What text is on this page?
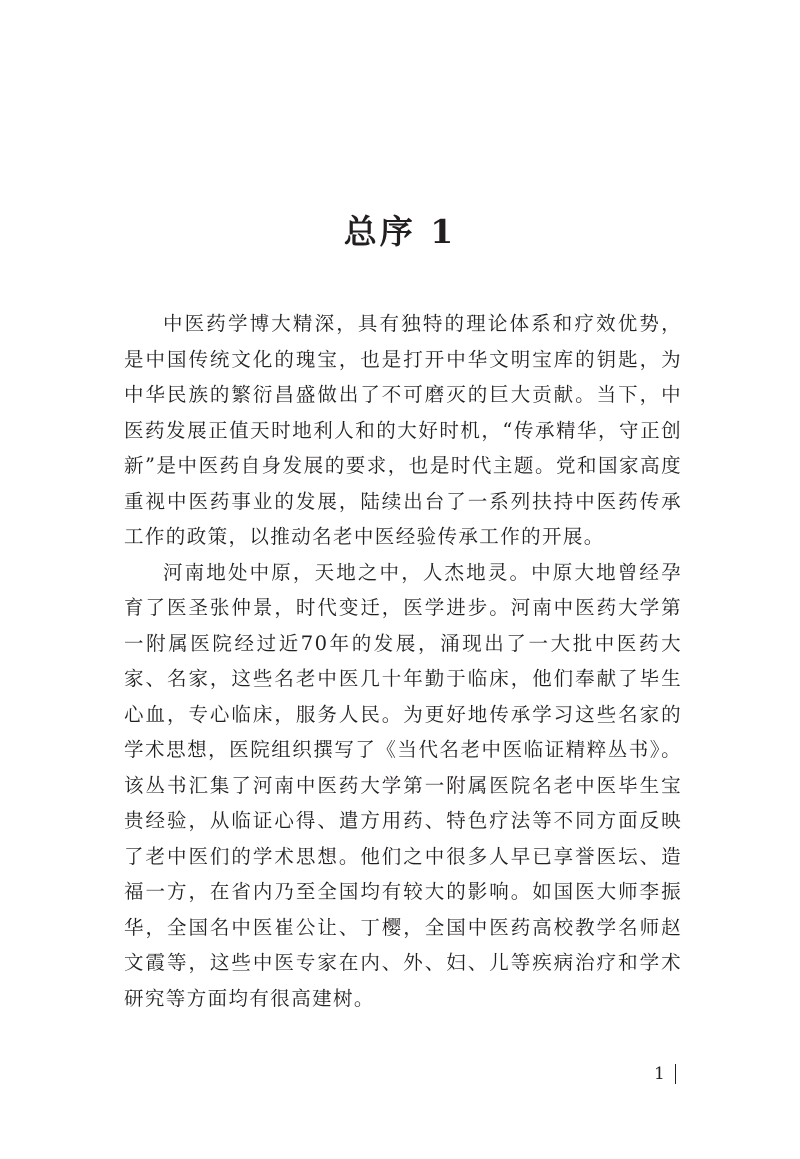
总序 1

中医药学博大精深，具有独特的理论体系和疗效优势，是中国传统文化的瑰宝，也是打开中华文明宝库的钥匙，为中华民族的繁衍昌盛做出了不可磨灭的巨大贡献。当下，中医药发展正值天时地利人和的大好时机，“传承精华，守正创新”是中医药自身发展的要求，也是时代主题。党和国家高度重视中医药事业的发展，陆续出台了一系列扶持中医药传承工作的政策，以推动名老中医经验传承工作的开展。

河南地处中原，天地之中，人杰地灵。中原大地曾经孕育了医圣张仲景，时代变迁，医学进步。河南中医药大学第一附属医院经过近70年的发展，涌现出了一大批中医药大家、名家，这些名老中医几十年勤于临床，他们奉献了毕生心血，专心临床，服务人民。为更好地传承学习这些名家的学术思想，医院组织撰写了《当代名老中医临证精粹丛书》。该丛书汇集了河南中医药大学第一附属医院名老中医毕生宝贵经验，从临证心得、遣方用药、特色疗法等不同方面反映了老中医们的学术思想。他们之中很多人早已享誉医坛、造福一方，在省内乃至全国均有较大的影响。如国医大师李振华，全国名中医崔公让、丁樱，全国中医药高校教学名师赵文霞等，这些中医专家在内、外、妇、儿等疾病治疗和学术研究等方面均有很高建树。

1
